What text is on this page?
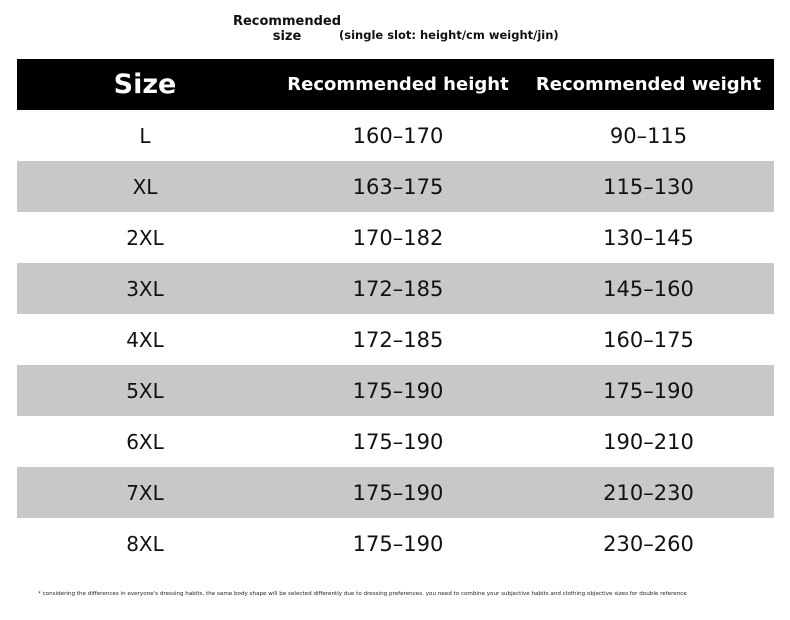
Recommended size	(single slot: height/cm weight/jin)
Size	Recommended height	Recommended weight
L	160–170	90–115
XL	163–175	115–130
2XL	170–182	130–145
3XL	172–185	145–160
4XL	172–185	160–175
5XL	175–190	175–190
6XL	175–190	190–210
7XL	175–190	210–230
8XL	175–190	230–260
* considering the differences in everyone's dressing habits, the same body shape will be selected differently due to dressing preferences. you need to combine your subjective habits and clothing objective sizes for double reference
